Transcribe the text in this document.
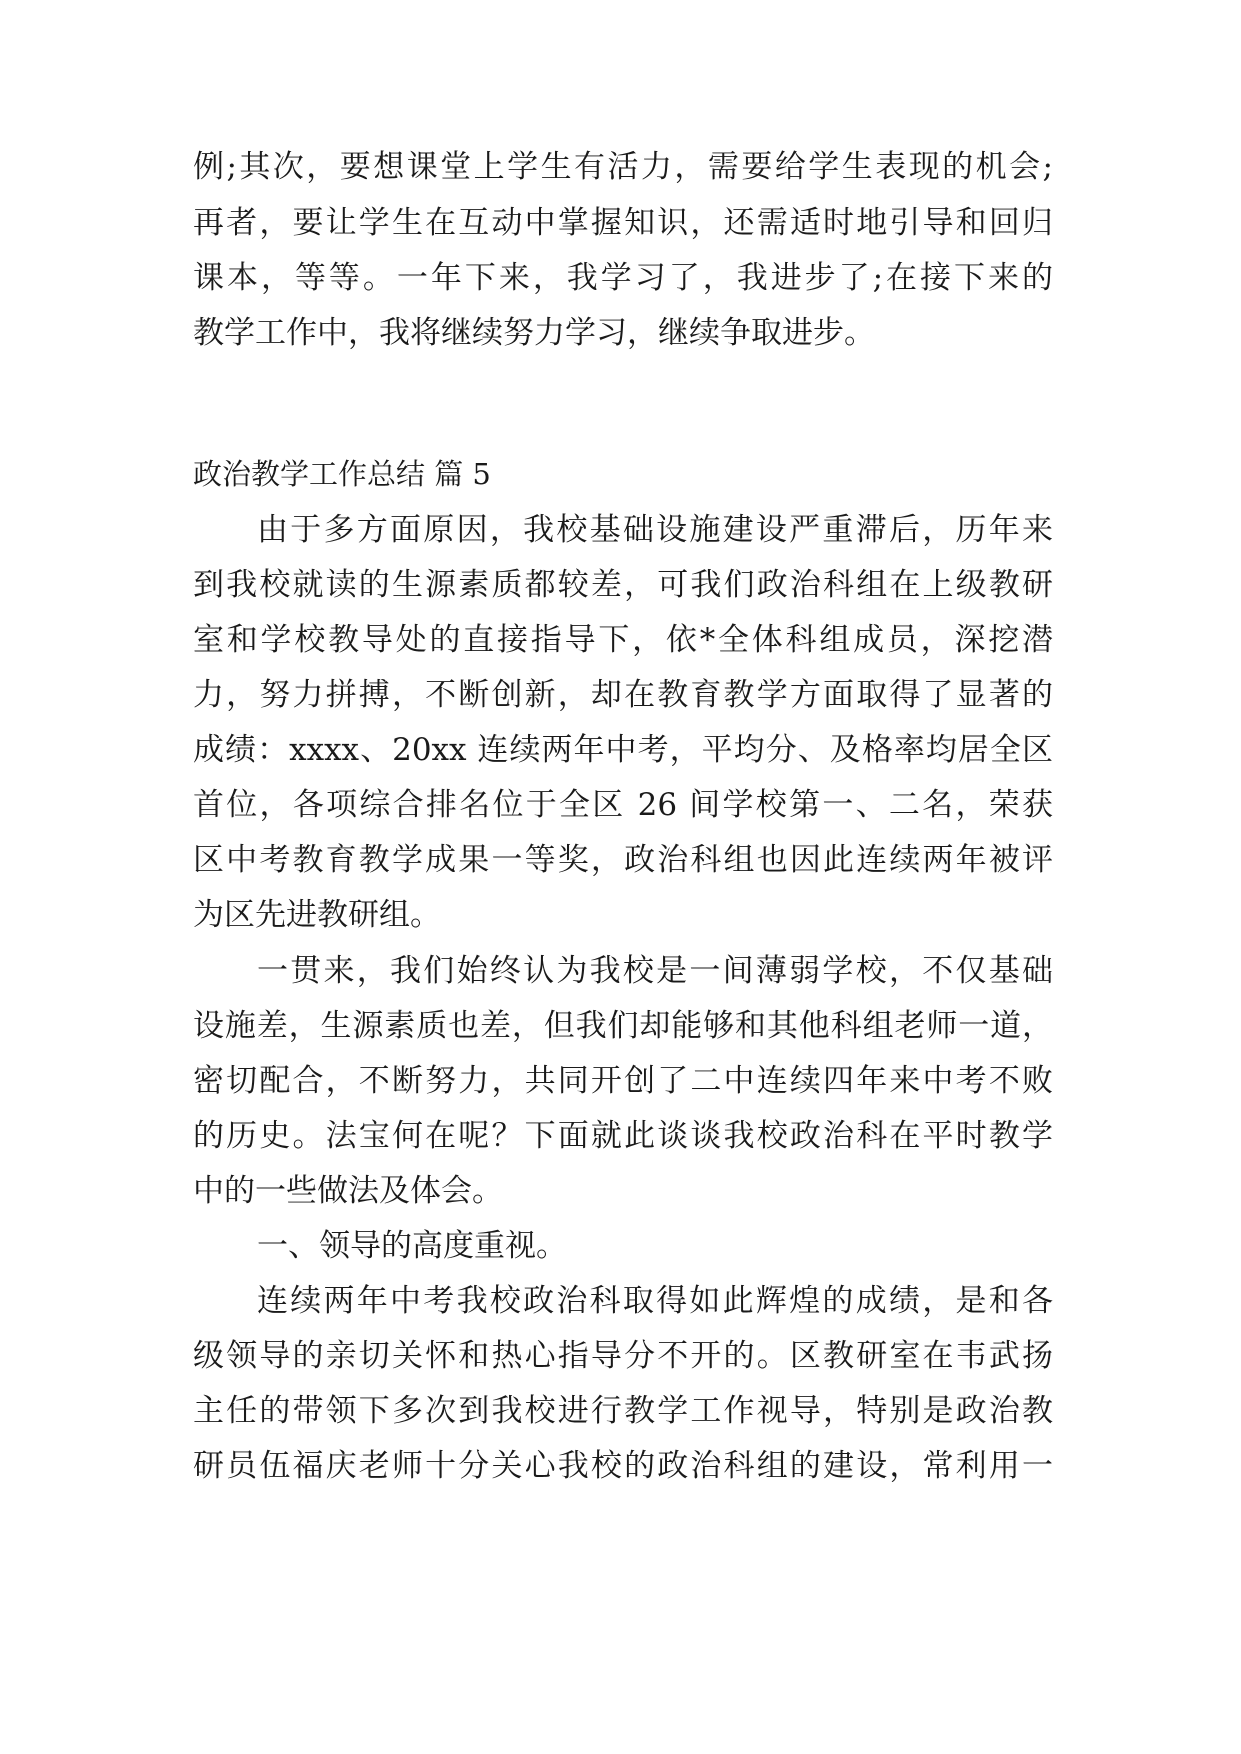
例;其次，要想课堂上学生有活力，需要给学生表现的机会;
再者，要让学生在互动中掌握知识，还需适时地引导和回归
课本，等等。一年下来，我学习了，我进步了;在接下来的
教学工作中，我将继续努力学习，继续争取进步。
政治教学工作总结 篇 5
由于多方面原因，我校基础设施建设严重滞后，历年来
到我校就读的生源素质都较差，可我们政治科组在上级教研
室和学校教导处的直接指导下，依*全体科组成员，深挖潜
力，努力拼搏，不断创新，却在教育教学方面取得了显著的
成绩：xxxx、20xx 连续两年中考，平均分、及格率均居全区
首位，各项综合排名位于全区 26 间学校第一、二名，荣获
区中考教育教学成果一等奖，政治科组也因此连续两年被评
为区先进教研组。
一贯来，我们始终认为我校是一间薄弱学校，不仅基础
设施差，生源素质也差，但我们却能够和其他科组老师一道，
密切配合，不断努力，共同开创了二中连续四年来中考不败
的历史。法宝何在呢？下面就此谈谈我校政治科在平时教学
中的一些做法及体会。
一、领导的高度重视。
连续两年中考我校政治科取得如此辉煌的成绩，是和各
级领导的亲切关怀和热心指导分不开的。区教研室在韦武扬
主任的带领下多次到我校进行教学工作视导，特别是政治教
研员伍福庆老师十分关心我校的政治科组的建设，常利用一
